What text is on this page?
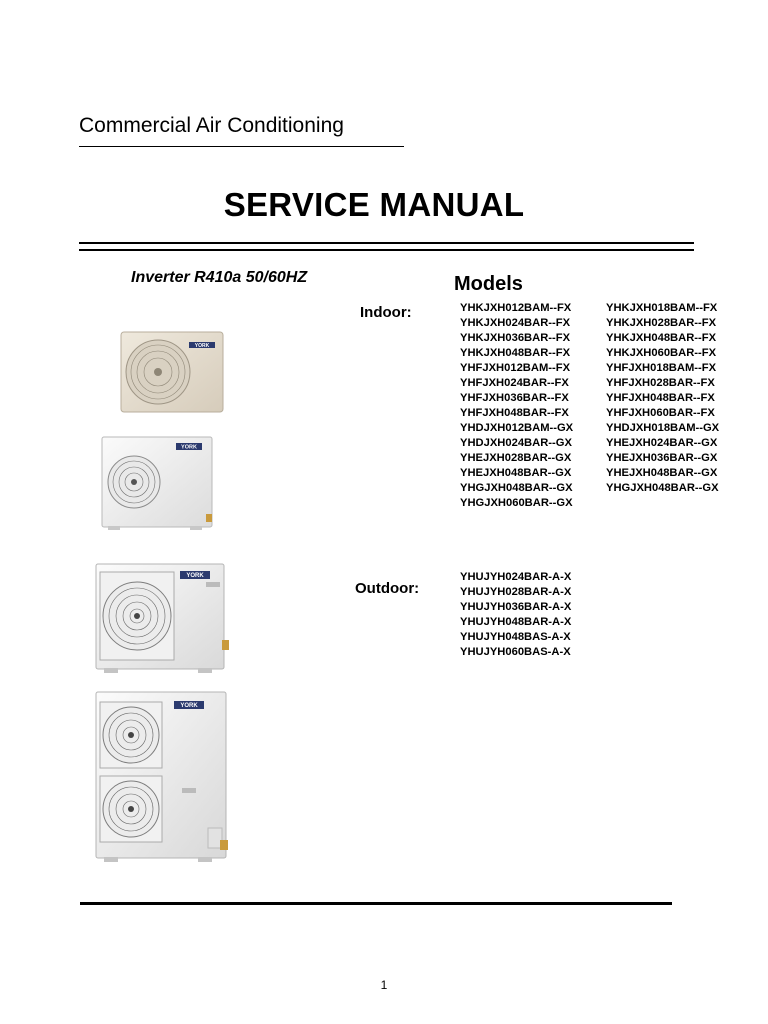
Commercial Air Conditioning
SERVICE MANUAL
Inverter R410a 50/60HZ	Models
Indoor:
Outdoor:
YHKJXH012BAM--FX
YHKJXH024BAR--FX
YHKJXH036BAR--FX
YHKJXH048BAR--FX
YHFJXH012BAM--FX
YHFJXH024BAR--FX
YHFJXH036BAR--FX
YHFJXH048BAR--FX
YHDJXH012BAM--GX
YHDJXH024BAR--GX
YHEJXH028BAR--GX
YHEJXH048BAR--GX
YHGJXH048BAR--GX
YHGJXH060BAR--GX
YHKJXH018BAM--FX
YHKJXH028BAR--FX
YHKJXH048BAR--FX
YHKJXH060BAR--FX
YHFJXH018BAM--FX
YHFJXH028BAR--FX
YHFJXH048BAR--FX
YHFJXH060BAR--FX
YHDJXH018BAM--GX
YHEJXH024BAR--GX
YHEJXH036BAR--GX
YHEJXH048BAR--GX
YHGJXH048BAR--GX
YHUJYH024BAR-A-X
YHUJYH028BAR-A-X
YHUJYH036BAR-A-X
YHUJYH048BAR-A-X
YHUJYH048BAS-A-X
YHUJYH060BAS-A-X
YORK
YORK
YORK
YORK
1
